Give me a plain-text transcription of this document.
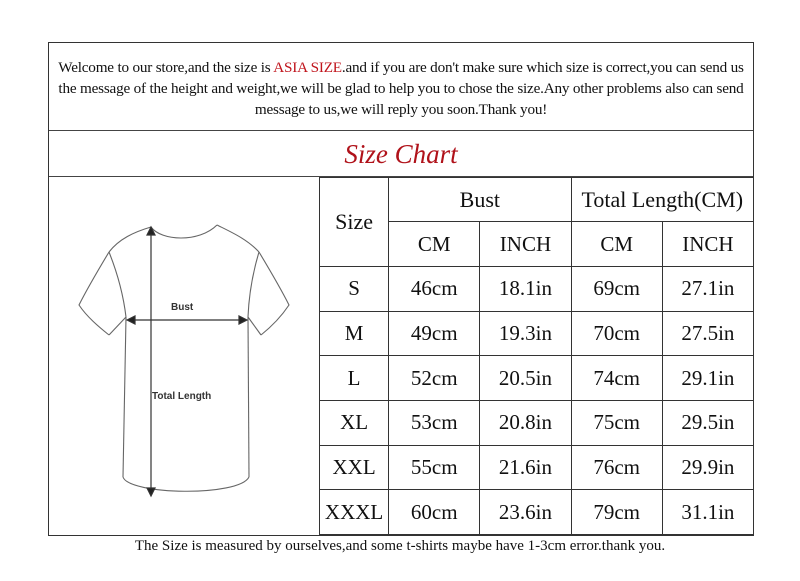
Welcome to our store,and the size is ASIA SIZE.and if you are don't make sure which size is correct,you can send us the message of the height and weight,we will be glad to help you to chose the size.Any other problems also can send message to us,we will reply you soon.Thank you!
Size Chart
Bust
Total Length
Size	Bust		Total Length(CM)	
	CM	INCH	CM	INCH
S	46cm	18.1in	69cm	27.1in
M	49cm	19.3in	70cm	27.5in
L	52cm	20.5in	74cm	29.1in
XL	53cm	20.8in	75cm	29.5in
XXL	55cm	21.6in	76cm	29.9in
XXXL	60cm	23.6in	79cm	31.1in
The Size is measured by ourselves,and some t-shirts maybe have 1-3cm error.thank you.
